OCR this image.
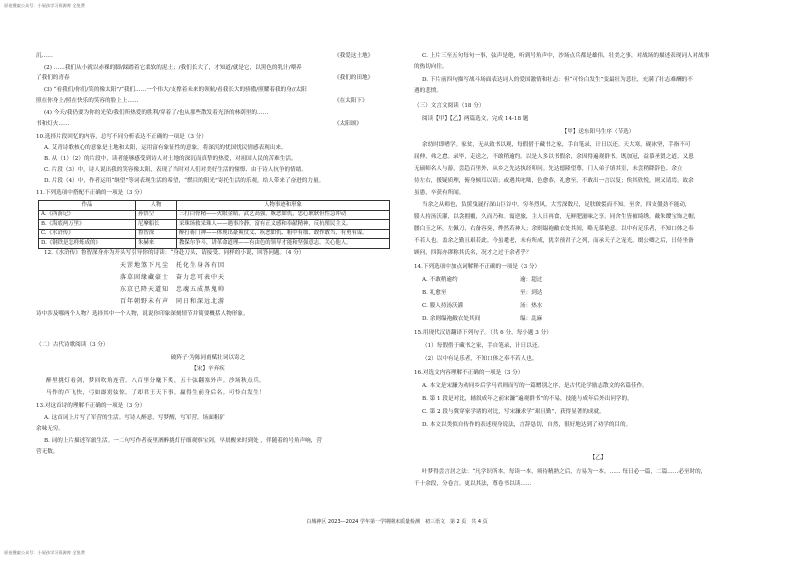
原卷搜索公众号：小屁孩学习资源库 全免费
原卷搜索公众号：小屁孩学习资源库 全免费
沉……	《我爱这土地》
(2) ……我们从小就以赤裸的脚/踩踏着它柔软的泥土；/我们长大了，才知道/就是它，以黑色的乳汁/喂养
了我们的青春	《我们的田地》
(3) “看我们/你们/笑的像太阳”/“我们……一个伟大/支撑着未来的领航/看我长大的骄傲/照耀着我的身//太阳
照在你身上/照在快乐的笑容的脸上上……	《在太阳下》
(4) 今天/我仍要为你的光荣/我们所热爱的胜利/穿着了/也从那些散发着光泽的林荫里的……
书和灯火……	《太阳颂》
10.选择片段回忆的内容，总写不同分析表达不正确的一项是（3 分）
A. 艾青诗歌核心的意象是土地和太阳，运用富有象征性的意象，将深沉的忧国忧民情感表现出来。
B. 从（1）（2）的片段中，读者能够感受到诗人对土地的深沉而真挚的热爱，对祖国人民的苦难生活。
C. 片段（3）中，诗人说出我的笑容像太阳，表现了当时对人们对美好生活的憧憬、由于诗人抗争的情绪。
D. 片段（4）中，作者运用“继望”等词表现生活的希望，“燃目的阳光”寄托生活的乐观，给人带来了奋进的力量。
11.下列选项中搭配不正确的一项是（3 分）
作品	人物	人物事迹和形象
A.《西游记》	孙悟空	三打白骨精——火眼金睛，武艺高强，嫉恶如仇，忠心耿耿但性急冲动
B.《海底两万里》	尼摩船长	采珠场救采珠人——遇事冷静，富有正义感和奉献精神，反抗殖民主义。
C.《水浒传》	鲁智深	醉打蒋门神——体现出豪爽仗义、疾恶如仇、粗中有细、敢作敢当、有勇有谋。
D.《钢铁是怎样炼成的》	朱赫来	教保尔争斗，讲革命道理——有由色的领导才能和坚强意志，关心他人。
12.《水浒传》鲁智深身亦为开头写引导你的诗读：“身赴刀头，请接受、同样的小说，回答问题。（4 分）
天罡地煞下凡尘　托化生身各有因
落草固缘藏豪士　奋力忠可表中天
东京已降天道知　忠魂五成黑鬼帅
百年朝野未有声　同日和深远北游
诗中涉及哪两个人物？选择其中一个人物，说说你印象深刻情节并简要概括人物形象。
（二）古代诗歌阅读（3 分）
破阵子·为陈同甫赋壮词以寄之
【宋】辛弃疾
醉里挑灯看剑，梦回吹角连营。八百里分麾下炙，五十弦翻塞外声。沙场秋点兵。
马作的卢飞快，弓如霹雳弦惊。了却君王天下事，赢得生前身后名。可怜白发生！
13.对这首诗的理解不正确的一项是（3 分）
A. 这首词上片写了军营的生活。写诗人醉意，写梦醒，写军营，场面粗犷
余味无穷。
B. 词的上片描述军旅生活。一二句写作者夜里酒醉挑灯仔细观察宝剑，早晨醒来时到处 ，伴随着的号角声响，营
营无数。
C. 上片三至五句每句一事，弦声是绝，听到号角声中，沙场点兵都是雄伟，壮美之事，对战场的描述表现词人对战事
的热切向往。
D. 下片前四句描写战斗场面表达词人的爱国激情和壮志：但“可怜白发生”变最壮为悲壮，充满了壮志难酬的不
遇的悲愤。
（三）文言文阅读（18 分）
阅读【甲】【乙】两篇选文，完成 14-18 题
【甲】送东阳马生序（节选）
余幼时即嗜学。家贫，无从致书以观，每假借于藏书之家，手自笔录，计日以还。天大寒，砚冰坚，手指不可
屈伸，弗之怠。录毕，走送之，不敢稍逾约。以是人多以书假余，余因得遍观群书。既加冠，益慕圣贤之道。又患
无硕师名人与游，尝趋百里外，从乡之先达执经叩问。先达德隆望尊，门人弟子填其室，未尝稍降辞色。余立
侍左右，援疑质理，俯身倾耳以请；或遇其叱咄，色愈恭，礼愈至，不敢出一言以复；俟其欣悦，则又请焉。故余
虽愚，卒获有所闻。
当余之从师也，负箧曳屣行深山巨谷中，穷冬烈风，大雪深数尺，足肤皲裂而不知。至舍，四支僵劲不能动，
媵人持汤沃灌，以衾拥覆，久而乃和。寓逆旅，主人日再食，无鲜肥滋味之享。同舍生皆被绮绣，戴朱缨宝饰之帽，
腰白玉之环，左佩刀，右备容臭，烨然若神人；余则缊袍敝衣处其间，略无慕艳意。以中有足乐者，不知口体之奉
不若人也。盖余之勤且艰若此。今虽耄老，未有所成，犹幸预君子之列，而承天子之宠光，缀公卿之后，日侍坐备
顾问，四海亦谬称其氏名，况才之过于余者乎？
14.下列选项中加点词解释不正确的一项是（3 分）
A. 不敢稍逾约	逾：超过
B. 礼愈至	至：到达
C. 媵人持汤沃灌	汤：热水
D. 余则缊袍敝衣处其间	缊：乱麻
15.用现代汉语翻译下列句子。（共 6 分，每小题 3 分）
（1）每假借于藏书之家，手自笔录，计日以还。
（2）以中有足乐者，不知口体之奉不若人也。
16.对选文内容理解不正确的一项是（3 分）
A. 本文是宋濂为劝同乡后学马君则而写的一篇赠别之序，是古代论学励志散文的名篇佳作。
B. 第 1 段是对比，辅叙成年之前宋濂“遍观群书”的不易，技能与成年后外出问学的。
C. 第 2 段与冀穿家学诸的对比，写宋濂求学“艰且勤”，获得显著的成就。
D. 本文以类似自传作的表述现身说法，言辞恳切，自然，很好地达到了劝学的目的。
【乙】
叶梦得尝言居之法：“凡学识所本，每读一本，须待精熟之后，方易为一本。…… 每日必一篇，二篇……必至时的，
千十余段，分卷言。更以其法，尊卷书以读……
白城神区 2023—2024 学年第一学期期末质量检测　初三语文　第 2 页　共 4 页
